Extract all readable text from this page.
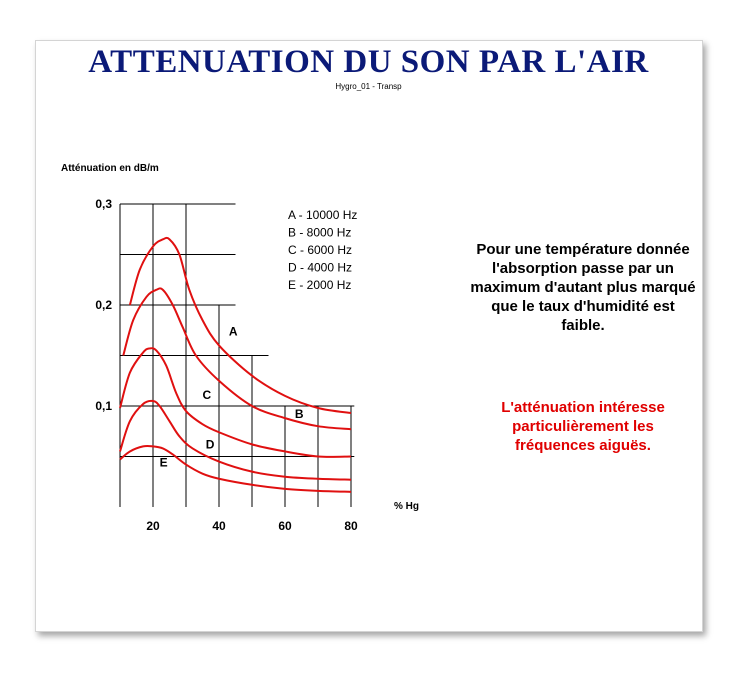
ATTENUATION DU SON PAR L'AIR
Hygro_01 - Transp
Atténuation en dB/m
A
B
C
D
E
20	40	60	80
0,1
0,2
0,3
% Hg
A - 10000 Hz
B - 8000 Hz
C - 6000 Hz
D - 4000 Hz
E - 2000 Hz
Pour une température donnée l'absorption passe par un maximum d'autant plus marqué que le taux d'humidité est faible.
L'atténuation intéresse particulièrement les fréquences aiguës.
